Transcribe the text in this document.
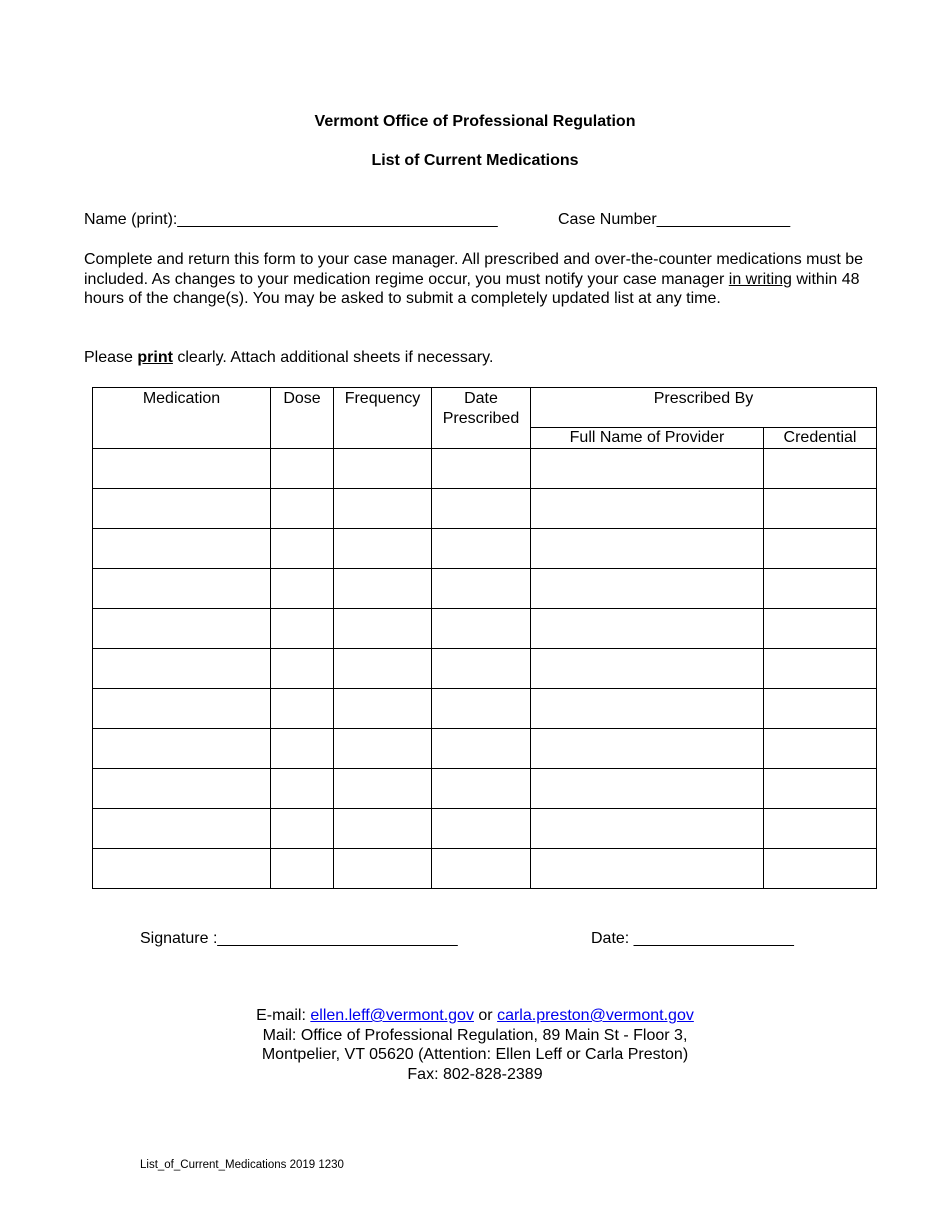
Vermont Office of Professional Regulation
List of Current Medications
Name (print):____________________________________	Case Number_______________
Complete and return this form to your case manager. All prescribed and over-the-counter medications must be included. As changes to your medication regime occur, you must notify your case manager in writing within 48 hours of the change(s). You may be asked to submit a completely updated list at any time.
Please print clearly. Attach additional sheets if necessary.
Medication	Dose	Frequency	Date Prescribed	Prescribed By	
				Full Name of Provider	Credential

Signature :___________________________	Date: __________________
E-mail: ellen.leff@vermont.gov or carla.preston@vermont.gov
Mail: Office of Professional Regulation, 89 Main St - Floor 3,
Montpelier, VT 05620 (Attention: Ellen Leff or Carla Preston)
Fax: 802-828-2389
List_of_Current_Medications 2019 1230
